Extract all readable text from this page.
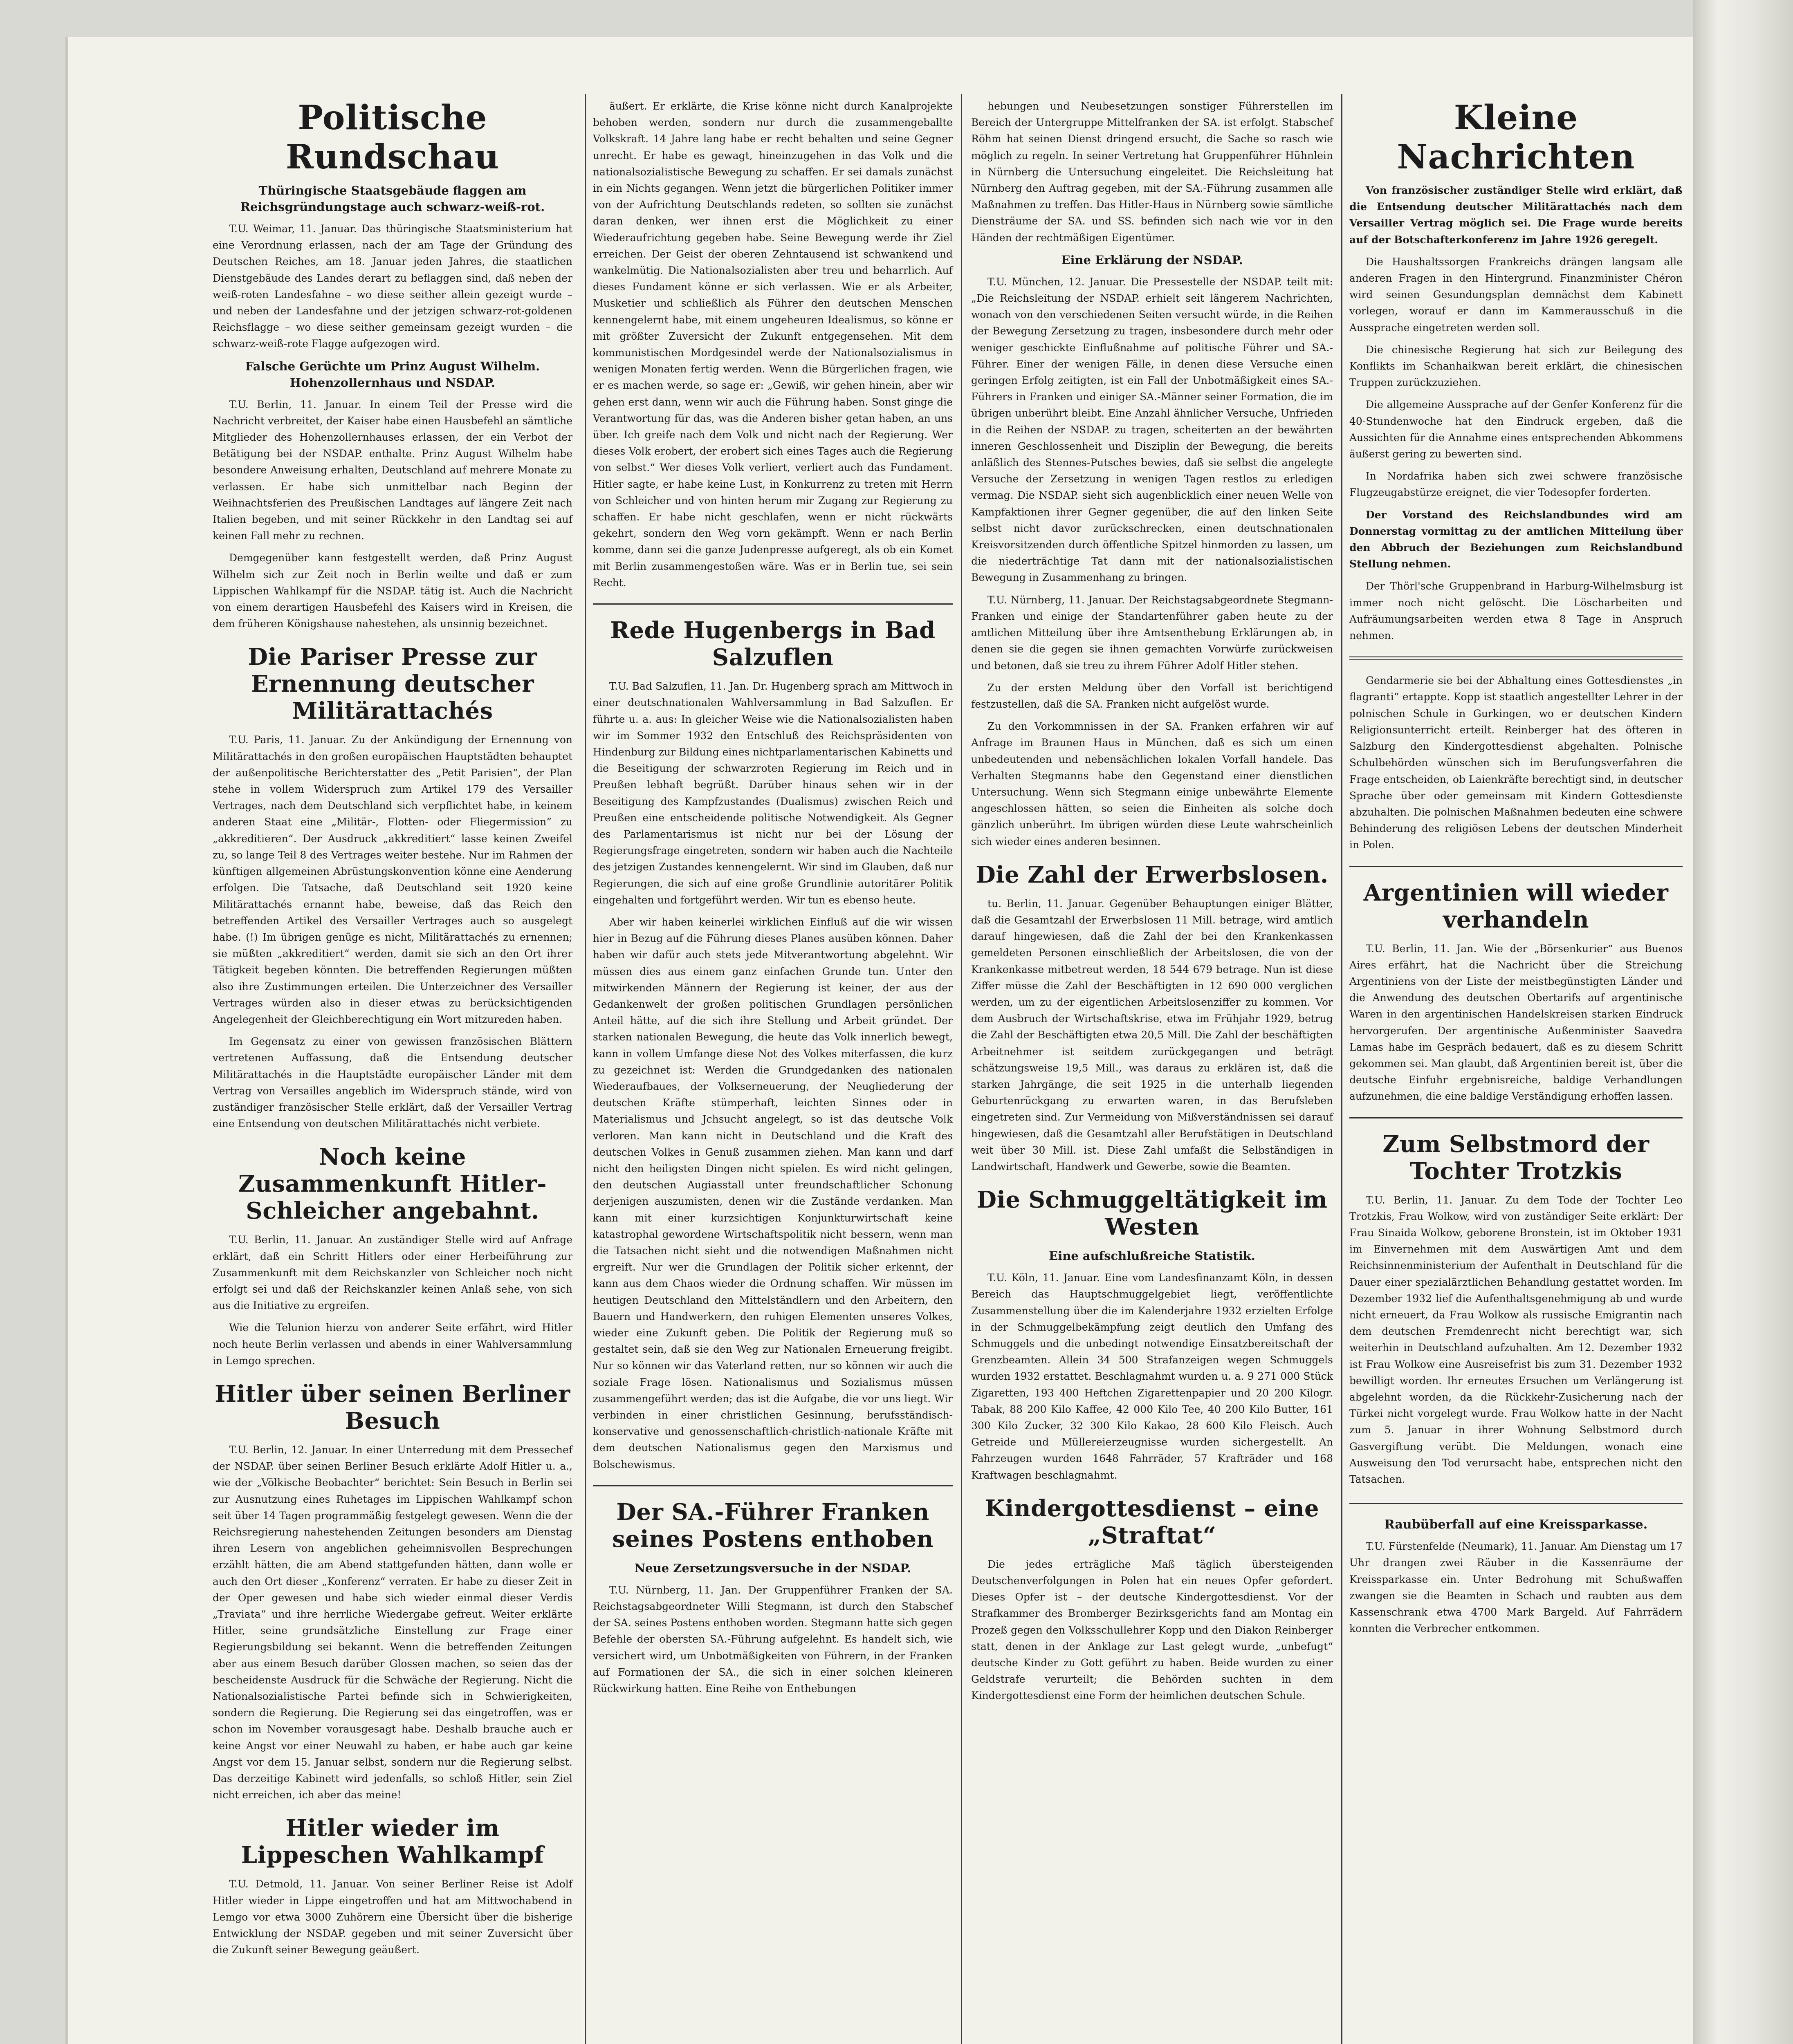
Politische Rundschau
Thüringische Staatsgebäude flaggen am Reichsgründungstage auch schwarz-weiß-rot.

T.U. Weimar, 11. Januar. Das thüringische Staatsministerium hat eine Verordnung erlassen, nach der am Tage der Gründung des Deutschen Reiches, am 18. Januar jeden Jahres, die staatlichen Dienstgebäude des Landes derart zu beflaggen sind, daß neben der weiß-roten Landesfahne – wo diese seither allein gezeigt wurde – und neben der Landesfahne und der jetzigen schwarz-rot-goldenen Reichsflagge – wo diese seither gemeinsam gezeigt wurden – die schwarz-weiß-rote Flagge aufgezogen wird.

Falsche Gerüchte um Prinz August Wilhelm. Hohenzollernhaus und NSDAP.

T.U. Berlin, 11. Januar. In einem Teil der Presse wird die Nachricht verbreitet, der Kaiser habe einen Hausbefehl an sämtliche Mitglieder des Hohenzollernhauses erlassen, der ein Verbot der Betätigung bei der NSDAP. enthalte. Prinz August Wilhelm habe besondere Anweisung erhalten, Deutschland auf mehrere Monate zu verlassen. Er habe sich unmittelbar nach Beginn der Weihnachtsferien des Preußischen Landtages auf längere Zeit nach Italien begeben, und mit seiner Rückkehr in den Landtag sei auf keinen Fall mehr zu rechnen.

Demgegenüber kann festgestellt werden, daß Prinz August Wilhelm sich zur Zeit noch in Berlin weilte und daß er zum Lippischen Wahlkampf für die NSDAP. tätig ist. Auch die Nachricht von einem derartigen Hausbefehl des Kaisers wird in Kreisen, die dem früheren Königshause nahestehen, als unsinnig bezeichnet.

Die Pariser Presse zur Ernennung deutscher Militärattachés

T.U. Paris, 11. Januar. Zu der Ankündigung der Ernennung von Militärattachés in den großen europäischen Hauptstädten behauptet der außenpolitische Berichterstatter des „Petit Parisien“, der Plan stehe in vollem Widerspruch zum Artikel 179 des Versailler Vertrages, nach dem Deutschland sich verpflichtet habe, in keinem anderen Staat eine „Militär-, Flotten- oder Fliegermission“ zu „akkreditieren“. Der Ausdruck „akkreditiert“ lasse keinen Zweifel zu, so lange Teil 8 des Vertrages weiter bestehe. Nur im Rahmen der künftigen allgemeinen Abrüstungskonvention könne eine Aenderung erfolgen. Die Tatsache, daß Deutschland seit 1920 keine Militärattachés ernannt habe, beweise, daß das Reich den betreffenden Artikel des Versailler Vertrages auch so ausgelegt habe. (!) Im übrigen genüge es nicht, Militärattachés zu ernennen; sie müßten „akkreditiert“ werden, damit sie sich an den Ort ihrer Tätigkeit begeben könnten. Die betreffenden Regierungen müßten also ihre Zustimmungen erteilen. Die Unterzeichner des Versailler Vertrages würden also in dieser etwas zu berücksichtigenden Angelegenheit der Gleichberechtigung ein Wort mitzureden haben.

Im Gegensatz zu einer von gewissen französischen Blättern vertretenen Auffassung, daß die Entsendung deutscher Militärattachés in die Hauptstädte europäischer Länder mit dem Vertrag von Versailles angeblich im Widerspruch stände, wird von zuständiger französischer Stelle erklärt, daß der Versailler Vertrag eine Entsendung von deutschen Militärattachés nicht verbiete.

Noch keine Zusammenkunft Hitler-Schleicher angebahnt.

T.U. Berlin, 11. Januar. An zuständiger Stelle wird auf Anfrage erklärt, daß ein Schritt Hitlers oder einer Herbeiführung zur Zusammenkunft mit dem Reichskanzler von Schleicher noch nicht erfolgt sei und daß der Reichskanzler keinen Anlaß sehe, von sich aus die Initiative zu ergreifen.

Wie die Telunion hierzu von anderer Seite erfährt, wird Hitler noch heute Berlin verlassen und abends in einer Wahlversammlung in Lemgo sprechen.

Hitler über seinen Berliner Besuch

T.U. Berlin, 12. Januar. In einer Unterredung mit dem Pressechef der NSDAP. über seinen Berliner Besuch erklärte Adolf Hitler u. a., wie der „Völkische Beobachter“ berichtet: Sein Besuch in Berlin sei zur Ausnutzung eines Ruhetages im Lippischen Wahlkampf schon seit über 14 Tagen programmäßig festgelegt gewesen. Wenn die der Reichsregierung nahestehenden Zeitungen besonders am Dienstag ihren Lesern von angeblichen geheimnisvollen Besprechungen erzählt hätten, die am Abend stattgefunden hätten, dann wolle er auch den Ort dieser „Konferenz“ verraten. Er habe zu dieser Zeit in der Oper gewesen und habe sich wieder einmal dieser Verdis „Traviata“ und ihre herrliche Wiedergabe gefreut. Weiter erklärte Hitler, seine grundsätzliche Einstellung zur Frage einer Regierungsbildung sei bekannt. Wenn die betreffenden Zeitungen aber aus einem Besuch darüber Glossen machen, so seien das der bescheidenste Ausdruck für die Schwäche der Regierung. Nicht die Nationalsozialistische Partei befinde sich in Schwierigkeiten, sondern die Regierung. Die Regierung sei das eingetroffen, was er schon im November vorausgesagt habe. Deshalb brauche auch er keine Angst vor einer Neuwahl zu haben, er habe auch gar keine Angst vor dem 15. Januar selbst, sondern nur die Regierung selbst. Das derzeitige Kabinett wird jedenfalls, so schloß Hitler, sein Ziel nicht erreichen, ich aber das meine!

Hitler wieder im Lippeschen Wahlkampf

T.U. Detmold, 11. Januar. Von seiner Berliner Reise ist Adolf Hitler wieder in Lippe eingetroffen und hat am Mittwochabend in Lemgo vor etwa 3000 Zuhörern eine Übersicht über die bisherige Entwicklung der NSDAP. gegeben und mit seiner Zuversicht über die Zukunft seiner Bewegung geäußert.

äußert. Er erklärte, die Krise könne nicht durch Kanalprojekte behoben werden, sondern nur durch die zusammengeballte Volkskraft. 14 Jahre lang habe er recht behalten und seine Gegner unrecht. Er habe es gewagt, hineinzugehen in das Volk und die nationalsozialistische Bewegung zu schaffen. Er sei damals zunächst in ein Nichts gegangen. Wenn jetzt die bürgerlichen Politiker immer von der Aufrichtung Deutschlands redeten, so sollten sie zunächst daran denken, wer ihnen erst die Möglichkeit zu einer Wiederaufrichtung gegeben habe. Seine Bewegung werde ihr Ziel erreichen. Der Geist der oberen Zehntausend ist schwankend und wankelmütig. Die Nationalsozialisten aber treu und beharrlich. Auf dieses Fundament könne er sich verlassen. Wie er als Arbeiter, Musketier und schließlich als Führer den deutschen Menschen kennengelernt habe, mit einem ungeheuren Idealismus, so könne er mit größter Zuversicht der Zukunft entgegensehen. Mit dem kommunistischen Mordgesindel werde der Nationalsozialismus in wenigen Monaten fertig werden. Wenn die Bürgerlichen fragen, wie er es machen werde, so sage er: „Gewiß, wir gehen hinein, aber wir gehen erst dann, wenn wir auch die Führung haben. Sonst ginge die Verantwortung für das, was die Anderen bisher getan haben, an uns über. Ich greife nach dem Volk und nicht nach der Regierung. Wer dieses Volk erobert, der erobert sich eines Tages auch die Regierung von selbst.“ Wer dieses Volk verliert, verliert auch das Fundament. Hitler sagte, er habe keine Lust, in Konkurrenz zu treten mit Herrn von Schleicher und von hinten herum mir Zugang zur Regierung zu schaffen. Er habe nicht geschlafen, wenn er nicht rückwärts gekehrt, sondern den Weg vorn gekämpft. Wenn er nach Berlin komme, dann sei die ganze Judenpresse aufgeregt, als ob ein Komet mit Berlin zusammengestoßen wäre. Was er in Berlin tue, sei sein Recht.

Rede Hugenbergs in Bad Salzuflen

T.U. Bad Salzuflen, 11. Jan. Dr. Hugenberg sprach am Mittwoch in einer deutschnationalen Wahlversammlung in Bad Salzuflen. Er führte u. a. aus: In gleicher Weise wie die Nationalsozialisten haben wir im Sommer 1932 den Entschluß des Reichspräsidenten von Hindenburg zur Bildung eines nichtparlamentarischen Kabinetts und die Beseitigung der schwarzroten Regierung im Reich und in Preußen lebhaft begrüßt. Darüber hinaus sehen wir in der Beseitigung des Kampfzustandes (Dualismus) zwischen Reich und Preußen eine entscheidende politische Notwendigkeit. Als Gegner des Parlamentarismus ist nicht nur bei der Lösung der Regierungsfrage eingetreten, sondern wir haben auch die Nachteile des jetzigen Zustandes kennengelernt. Wir sind im Glauben, daß nur Regierungen, die sich auf eine große Grundlinie autoritärer Politik eingehalten und fortgeführt werden. Wir tun es ebenso heute.

Aber wir haben keinerlei wirklichen Einfluß auf die wir wissen hier in Bezug auf die Führung dieses Planes ausüben können. Daher haben wir dafür auch stets jede Mitverantwortung abgelehnt. Wir müssen dies aus einem ganz einfachen Grunde tun. Unter den mitwirkenden Männern der Regierung ist keiner, der aus der Gedankenwelt der großen politischen Grundlagen persönlichen Anteil hätte, auf die sich ihre Stellung und Arbeit gründet. Der starken nationalen Bewegung, die heute das Volk innerlich bewegt, kann in vollem Umfange diese Not des Volkes miterfassen, die kurz zu gezeichnet ist: Werden die Grundgedanken des nationalen Wiederaufbaues, der Volkserneuerung, der Neugliederung der deutschen Kräfte stümperhaft, leichten Sinnes oder in Materialismus und Jchsucht angelegt, so ist das deutsche Volk verloren. Man kann nicht in Deutschland und die Kraft des deutschen Volkes in Genuß zusammen ziehen. Man kann und darf nicht den heiligsten Dingen nicht spielen. Es wird nicht gelingen, den deutschen Augiasstall unter freundschaftlicher Schonung derjenigen auszumisten, denen wir die Zustände verdanken. Man kann mit einer kurzsichtigen Konjunkturwirtschaft keine katastrophal gewordene Wirtschaftspolitik nicht bessern, wenn man die Tatsachen nicht sieht und die notwendigen Maßnahmen nicht ergreift. Nur wer die Grundlagen der Politik sicher erkennt, der kann aus dem Chaos wieder die Ordnung schaffen. Wir müssen im heutigen Deutschland den Mittelständlern und den Arbeitern, den Bauern und Handwerkern, den ruhigen Elementen unseres Volkes, wieder eine Zukunft geben. Die Politik der Regierung muß so gestaltet sein, daß sie den Weg zur Nationalen Erneuerung freigibt. Nur so können wir das Vaterland retten, nur so können wir auch die soziale Frage lösen. Nationalismus und Sozialismus müssen zusammengeführt werden; das ist die Aufgabe, die vor uns liegt. Wir verbinden in einer christlichen Gesinnung, berufsständisch-konservative und genossenschaftlich-christlich-nationale Kräfte mit dem deutschen Nationalismus gegen den Marxismus und Bolschewismus.

Der SA.-Führer Franken seines Postens enthoben
Neue Zersetzungsversuche in der NSDAP.

T.U. Nürnberg, 11. Jan. Der Gruppenführer Franken der SA. Reichstagsabgeordneter Willi Stegmann, ist durch den Stabschef der SA. seines Postens enthoben worden. Stegmann hatte sich gegen Befehle der obersten SA.-Führung aufgelehnt. Es handelt sich, wie versichert wird, um Unbotmäßigkeiten von Führern, in der Franken auf Formationen der SA., die sich in einer solchen kleineren Rückwirkung hatten. Eine Reihe von Enthebungen

hebungen und Neubesetzungen sonstiger Führerstellen im Bereich der Untergruppe Mittelfranken der SA. ist erfolgt. Stabschef Röhm hat seinen Dienst dringend ersucht, die Sache so rasch wie möglich zu regeln. In seiner Vertretung hat Gruppenführer Hühnlein in Nürnberg die Untersuchung eingeleitet. Die Reichsleitung hat Nürnberg den Auftrag gegeben, mit der SA.-Führung zusammen alle Maßnahmen zu treffen. Das Hitler-Haus in Nürnberg sowie sämtliche Diensträume der SA. und SS. befinden sich nach wie vor in den Händen der rechtmäßigen Eigentümer.

Eine Erklärung der NSDAP.

T.U. München, 12. Januar. Die Pressestelle der NSDAP. teilt mit: „Die Reichsleitung der NSDAP. erhielt seit längerem Nachrichten, wonach von den verschiedenen Seiten versucht würde, in die Reihen der Bewegung Zersetzung zu tragen, insbesondere durch mehr oder weniger geschickte Einflußnahme auf politische Führer und SA.-Führer. Einer der wenigen Fälle, in denen diese Versuche einen geringen Erfolg zeitigten, ist ein Fall der Unbotmäßigkeit eines SA.-Führers in Franken und einiger SA.-Männer seiner Formation, die im übrigen unberührt bleibt. Eine Anzahl ähnlicher Versuche, Unfrieden in die Reihen der NSDAP. zu tragen, scheiterten an der bewährten inneren Geschlossenheit und Disziplin der Bewegung, die bereits anläßlich des Stennes-Putsches bewies, daß sie selbst die angelegte Versuche der Zersetzung in wenigen Tagen restlos zu erledigen vermag. Die NSDAP. sieht sich augenblicklich einer neuen Welle von Kampfaktionen ihrer Gegner gegenüber, die auf den linken Seite selbst nicht davor zurückschrecken, einen deutschnationalen Kreisvorsitzenden durch öffentliche Spitzel hinmorden zu lassen, um die niederträchtige Tat dann mit der nationalsozialistischen Bewegung in Zusammenhang zu bringen.

T.U. Nürnberg, 11. Januar. Der Reichstagsabgeordnete Stegmann-Franken und einige der Standartenführer gaben heute zu der amtlichen Mitteilung über ihre Amtsenthebung Erklärungen ab, in denen sie die gegen sie ihnen gemachten Vorwürfe zurückweisen und betonen, daß sie treu zu ihrem Führer Adolf Hitler stehen.

Zu der ersten Meldung über den Vorfall ist berichtigend festzustellen, daß die SA. Franken nicht aufgelöst wurde.

Zu den Vorkommnissen in der SA. Franken erfahren wir auf Anfrage im Braunen Haus in München, daß es sich um einen unbedeutenden und nebensächlichen lokalen Vorfall handele. Das Verhalten Stegmanns habe den Gegenstand einer dienstlichen Untersuchung. Wenn sich Stegmann einige unbewährte Elemente angeschlossen hätten, so seien die Einheiten als solche doch gänzlich unberührt. Im übrigen würden diese Leute wahrscheinlich sich wieder eines anderen besinnen.

Die Zahl der Erwerbslosen.

tu. Berlin, 11. Januar. Gegenüber Behauptungen einiger Blätter, daß die Gesamtzahl der Erwerbslosen 11 Mill. betrage, wird amtlich darauf hingewiesen, daß die Zahl der bei den Krankenkassen gemeldeten Personen einschließlich der Arbeitslosen, die von der Krankenkasse mitbetreut werden, 18 544 679 betrage. Nun ist diese Ziffer müsse die Zahl der Beschäftigten in 12 690 000 verglichen werden, um zu der eigentlichen Arbeitslosenziffer zu kommen. Vor dem Ausbruch der Wirtschaftskrise, etwa im Frühjahr 1929, betrug die Zahl der Beschäftigten etwa 20,5 Mill. Die Zahl der beschäftigten Arbeitnehmer ist seitdem zurückgegangen und beträgt schätzungsweise 19,5 Mill., was daraus zu erklären ist, daß die starken Jahrgänge, die seit 1925 in die unterhalb liegenden Geburtenrückgang zu erwarten waren, in das Berufsleben eingetreten sind. Zur Vermeidung von Mißverständnissen sei darauf hingewiesen, daß die Gesamtzahl aller Berufstätigen in Deutschland weit über 30 Mill. ist. Diese Zahl umfaßt die Selbständigen in Landwirtschaft, Handwerk und Gewerbe, sowie die Beamten.

Die Schmuggeltätigkeit im Westen
Eine aufschlußreiche Statistik.

T.U. Köln, 11. Januar. Eine vom Landesfinanzamt Köln, in dessen Bereich das Hauptschmuggelgebiet liegt, veröffentlichte Zusammenstellung über die im Kalenderjahre 1932 erzielten Erfolge in der Schmuggelbekämpfung zeigt deutlich den Umfang des Schmuggels und die unbedingt notwendige Einsatzbereitschaft der Grenzbeamten. Allein 34 500 Strafanzeigen wegen Schmuggels wurden 1932 erstattet. Beschlagnahmt wurden u. a. 9 271 000 Stück Zigaretten, 193 400 Heftchen Zigarettenpapier und 20 200 Kilogr. Tabak, 88 200 Kilo Kaffee, 42 000 Kilo Tee, 40 200 Kilo Butter, 161 300 Kilo Zucker, 32 300 Kilo Kakao, 28 600 Kilo Fleisch. Auch Getreide und Müllereierzeugnisse wurden sichergestellt. An Fahrzeugen wurden 1648 Fahrräder, 57 Krafträder und 168 Kraftwagen beschlagnahmt.

Kindergottesdienst – eine „Straftat“

Die jedes erträgliche Maß täglich übersteigenden Deutschenverfolgungen in Polen hat ein neues Opfer gefordert. Dieses Opfer ist – der deutsche Kindergottesdienst. Vor der Strafkammer des Bromberger Bezirksgerichts fand am Montag ein Prozeß gegen den Volksschullehrer Kopp und den Diakon Reinberger statt, denen in der Anklage zur Last gelegt wurde, „unbefugt“ deutsche Kinder zu Gott geführt zu haben. Beide wurden zu einer Geldstrafe verurteilt; die Behörden suchten in dem Kindergottesdienst eine Form der heimlichen deutschen Schule.

Kleine Nachrichten

Von französischer zuständiger Stelle wird erklärt, daß die Entsendung deutscher Militärattachés nach dem Versailler Vertrag möglich sei. Die Frage wurde bereits auf der Botschafterkonferenz im Jahre 1926 geregelt.

Die Haushaltssorgen Frankreichs drängen langsam alle anderen Fragen in den Hintergrund. Finanzminister Chéron wird seinen Gesundungsplan demnächst dem Kabinett vorlegen, worauf er dann im Kammerausschuß in die Aussprache eingetreten werden soll.

Die chinesische Regierung hat sich zur Beilegung des Konflikts im Schanhaikwan bereit erklärt, die chinesischen Truppen zurückzuziehen.

Die allgemeine Aussprache auf der Genfer Konferenz für die 40-Stundenwoche hat den Eindruck ergeben, daß die Aussichten für die Annahme eines entsprechenden Abkommens äußerst gering zu bewerten sind.

In Nordafrika haben sich zwei schwere französische Flugzeugabstürze ereignet, die vier Todesopfer forderten.

Der Vorstand des Reichslandbundes wird am Donnerstag vormittag zu der amtlichen Mitteilung über den Abbruch der Beziehungen zum Reichslandbund Stellung nehmen.

Der Thörl'sche Gruppenbrand in Harburg-Wilhelmsburg ist immer noch nicht gelöscht. Die Löscharbeiten und Aufräumungsarbeiten werden etwa 8 Tage in Anspruch nehmen.

Gendarmerie sie bei der Abhaltung eines Gottesdienstes „in flagranti“ ertappte. Kopp ist staatlich angestellter Lehrer in der polnischen Schule in Gurkingen, wo er deutschen Kindern Religionsunterricht erteilt. Reinberger hat des öfteren in Salzburg den Kindergottesdienst abgehalten. Polnische Schulbehörden wünschen sich im Berufungsverfahren die Frage entscheiden, ob Laienkräfte berechtigt sind, in deutscher Sprache über oder gemeinsam mit Kindern Gottesdienste abzuhalten. Die polnischen Maßnahmen bedeuten eine schwere Behinderung des religiösen Lebens der deutschen Minderheit in Polen.

Argentinien will wieder verhandeln

T.U. Berlin, 11. Jan. Wie der „Börsenkurier“ aus Buenos Aires erfährt, hat die Nachricht über die Streichung Argentiniens von der Liste der meistbegünstigten Länder und die Anwendung des deutschen Obertarifs auf argentinische Waren in den argentinischen Handelskreisen starken Eindruck hervorgerufen. Der argentinische Außenminister Saavedra Lamas habe im Gespräch bedauert, daß es zu diesem Schritt gekommen sei. Man glaubt, daß Argentinien bereit ist, über die deutsche Einfuhr ergebnisreiche, baldige Verhandlungen aufzunehmen, die eine baldige Verständigung erhoffen lassen.

Zum Selbstmord der Tochter Trotzkis

T.U. Berlin, 11. Januar. Zu dem Tode der Tochter Leo Trotzkis, Frau Wolkow, wird von zuständiger Seite erklärt: Der Frau Sinaida Wolkow, geborene Bronstein, ist im Oktober 1931 im Einvernehmen mit dem Auswärtigen Amt und dem Reichsinnenministerium der Aufenthalt in Deutschland für die Dauer einer spezialärztlichen Behandlung gestattet worden. Im Dezember 1932 lief die Aufenthaltsgenehmigung ab und wurde nicht erneuert, da Frau Wolkow als russische Emigrantin nach dem deutschen Fremdenrecht nicht berechtigt war, sich weiterhin in Deutschland aufzuhalten. Am 12. Dezember 1932 ist Frau Wolkow eine Ausreisefrist bis zum 31. Dezember 1932 bewilligt worden. Ihr erneutes Ersuchen um Verlängerung ist abgelehnt worden, da die Rückkehr-Zusicherung nach der Türkei nicht vorgelegt wurde. Frau Wolkow hatte in der Nacht zum 5. Januar in ihrer Wohnung Selbstmord durch Gasvergiftung verübt. Die Meldungen, wonach eine Ausweisung den Tod verursacht habe, entsprechen nicht den Tatsachen.

Raubüberfall auf eine Kreissparkasse.

T.U. Fürstenfelde (Neumark), 11. Januar. Am Dienstag um 17 Uhr drangen zwei Räuber in die Kassenräume der Kreissparkasse ein. Unter Bedrohung mit Schußwaffen zwangen sie die Beamten in Schach und raubten aus dem Kassenschrank etwa 4700 Mark Bargeld. Auf Fahrrädern konnten die Verbrecher entkommen.
